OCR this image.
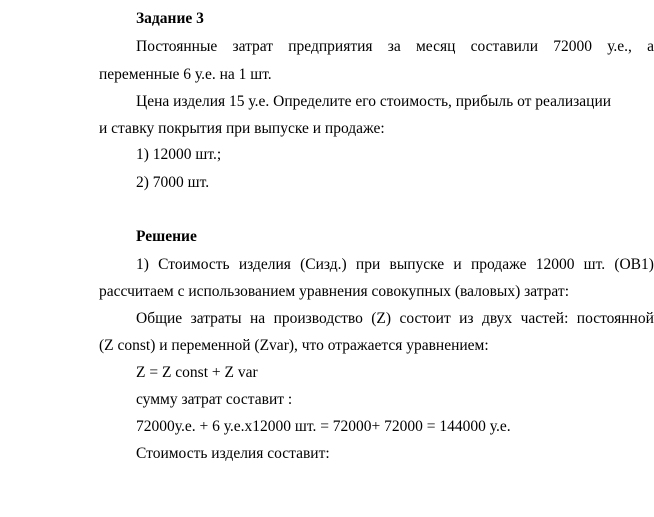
Задание 3
Постоянные затрат предприятия за месяц составили 72000 у.е., а
переменные 6 у.е. на 1 шт.
Цена изделия 15 у.е. Определите его стоимость, прибыль от реализации
и ставку покрытия при выпуске и продаже:
1) 12000 шт.;
2) 7000 шт.
Решение
1) Стоимость изделия (Сизд.) при выпуске и продаже 12000 шт. (ОВ1)
рассчитаем с использованием уравнения совокупных (валовых) затрат:
Общие затраты на производство (Z) состоит из двух частей: постоянной
(Z const) и переменной (Zvar), что отражается уравнением:
Z = Z const + Z var
сумму затрат составит :
72000у.е. + 6 у.е.х12000 шт. = 72000+ 72000 = 144000 у.е.
Стоимость изделия составит:
